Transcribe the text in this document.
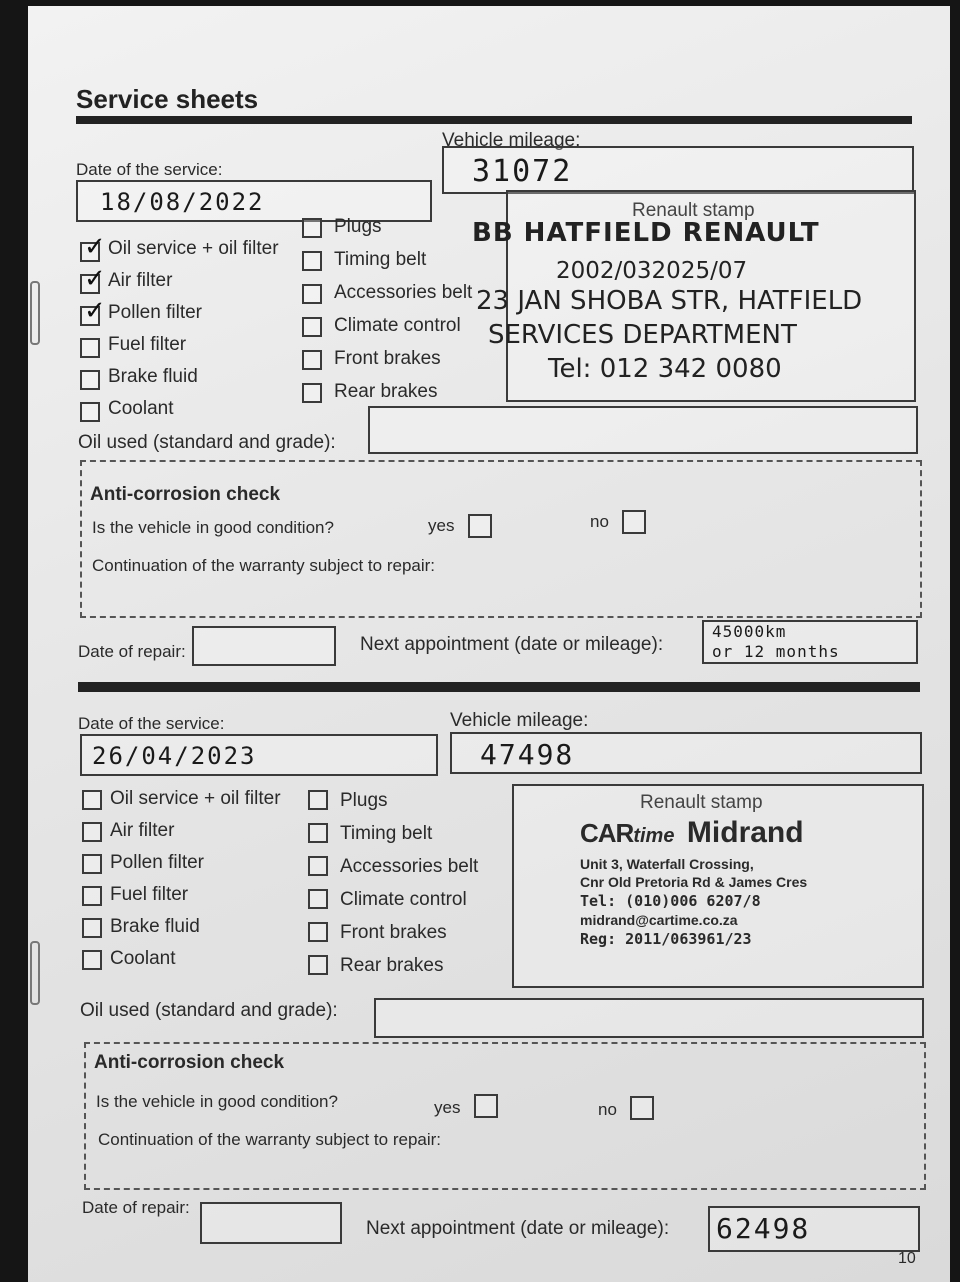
Service sheets
Date of the service:
18/08/2022
Vehicle mileage:
31072
✓
✓
✓
Oil service + oil filter
Air filter
Pollen filter
Fuel filter
Brake fluid
Coolant
Plugs
Timing belt
Accessories belt
Climate control
Front brakes
Rear brakes
Renault stamp
BB HATFIELD RENAULT
2002/032025/07
23 JAN SHOBA STR, HATFIELD
SERVICES DEPARTMENT
Tel: 012 342 0080
Oil used (standard and grade):
Anti-corrosion check
Is the vehicle in good condition?	yes	no
Continuation of the warranty subject to repair:
Date of repair:	Next appointment (date or mileage):
45000km
or 12 months
Date of the service:
26/04/2023
Vehicle mileage:
47498
Oil service + oil filter
Air filter
Pollen filter
Fuel filter
Brake fluid
Coolant
Plugs
Timing belt
Accessories belt
Climate control
Front brakes
Rear brakes
Renault stamp
CARtime Midrand
Unit 3, Waterfall Crossing,
Cnr Old Pretoria Rd & James Cres
Tel: (010)006 6207/8
midrand@cartime.co.za
Reg: 2011/063961/23
Oil used (standard and grade):
Anti-corrosion check
Is the vehicle in good condition?	yes	no
Continuation of the warranty subject to repair:
Date of repair:
Next appointment (date or mileage): 62498
10
